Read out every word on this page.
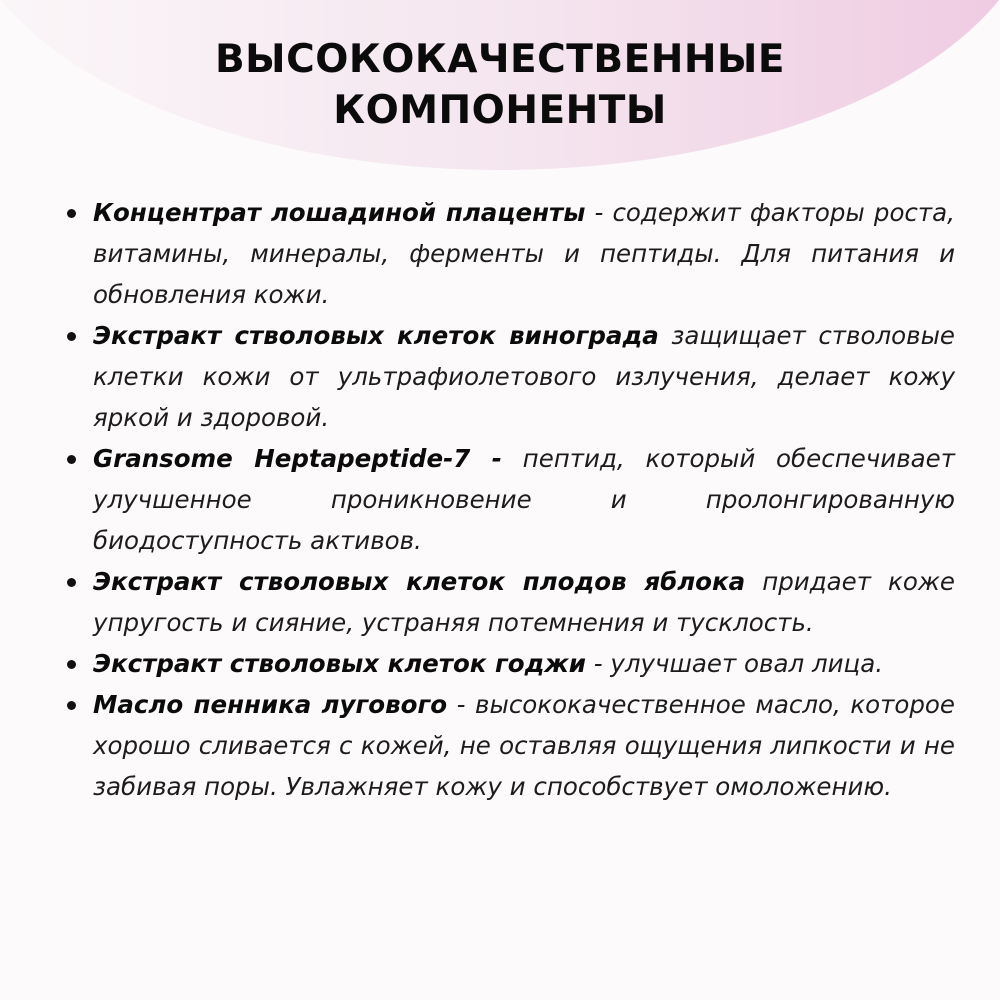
ВЫСОКОКАЧЕСТВЕННЫЕ
КОМПОНЕНТЫ
Концентрат лошадиной плаценты - содержит факторы роста, витамины, минералы, ферменты и пептиды. Для питания и обновления кожи.
Экстракт стволовых клеток винограда защищает стволовые клетки кожи от ультрафиолетового излучения, делает кожу яркой и здоровой.
Gransome Heptapeptide-7 - пептид, который обеспечивает улучшенное проникновение и пролонгированную биодоступность активов.
Экстракт стволовых клеток плодов яблока придает коже упругость и сияние, устраняя потемнения и тусклость.
Экстракт стволовых клеток годжи - улучшает овал лица.
Масло пенника лугового - высококачественное масло, которое хорошо сливается с кожей, не оставляя ощущения липкости и не забивая поры. Увлажняет кожу и способствует омоложению.
